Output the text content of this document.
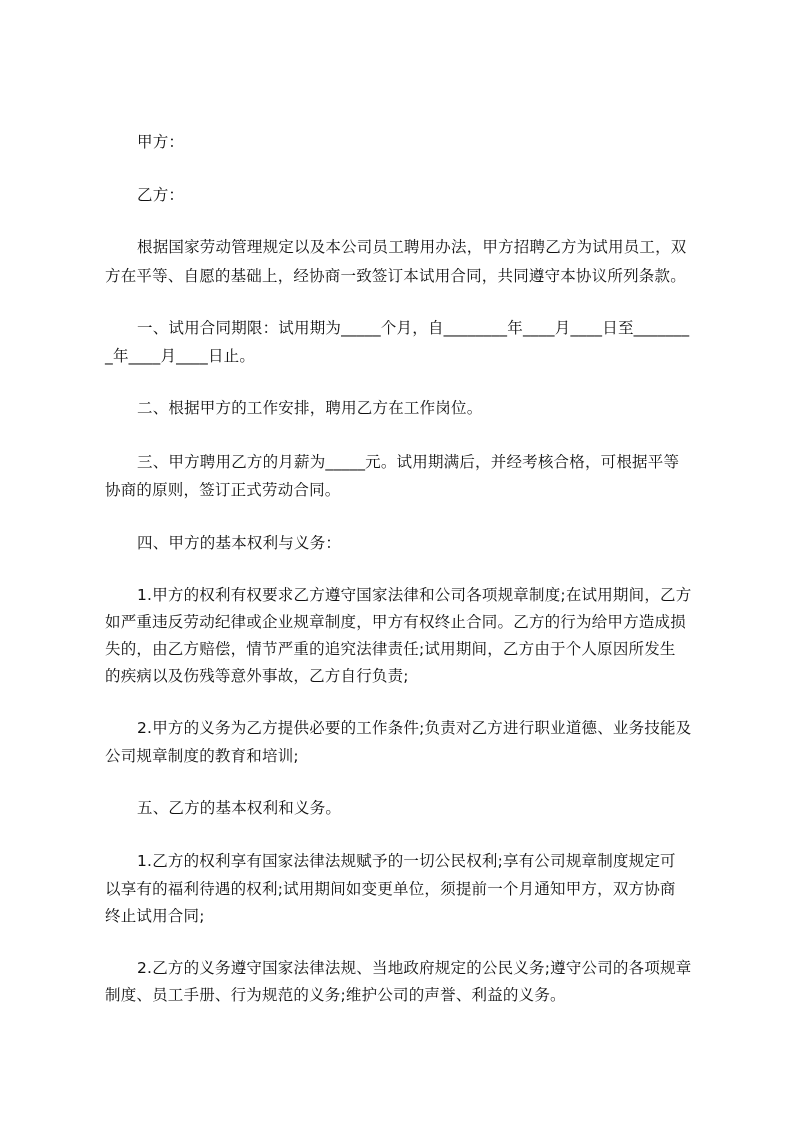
甲方：
乙方：
根据国家劳动管理规定以及本公司员工聘用办法，甲方招聘乙方为试用员工，双
方在平等、自愿的基础上，经协商一致签订本试用合同，共同遵守本协议所列条款。
一、试用合同期限：试用期为_____个月，自________年____月____日至_______
_年____月____日止。
二、根据甲方的工作安排，聘用乙方在工作岗位。
三、甲方聘用乙方的月薪为_____元。试用期满后，并经考核合格，可根据平等
协商的原则，签订正式劳动合同。
四、甲方的基本权利与义务：
1.甲方的权利有权要求乙方遵守国家法律和公司各项规章制度;在试用期间，乙方
如严重违反劳动纪律或企业规章制度，甲方有权终止合同。乙方的行为给甲方造成损
失的，由乙方赔偿，情节严重的追究法律责任;试用期间，乙方由于个人原因所发生
的疾病以及伤残等意外事故，乙方自行负责;
2.甲方的义务为乙方提供必要的工作条件;负责对乙方进行职业道德、业务技能及
公司规章制度的教育和培训;
五、乙方的基本权利和义务。
1.乙方的权利享有国家法律法规赋予的一切公民权利;享有公司规章制度规定可
以享有的福利待遇的权利;试用期间如变更单位，须提前一个月通知甲方，双方协商
终止试用合同;
2.乙方的义务遵守国家法律法规、当地政府规定的公民义务;遵守公司的各项规章
制度、员工手册、行为规范的义务;维护公司的声誉、利益的义务。
